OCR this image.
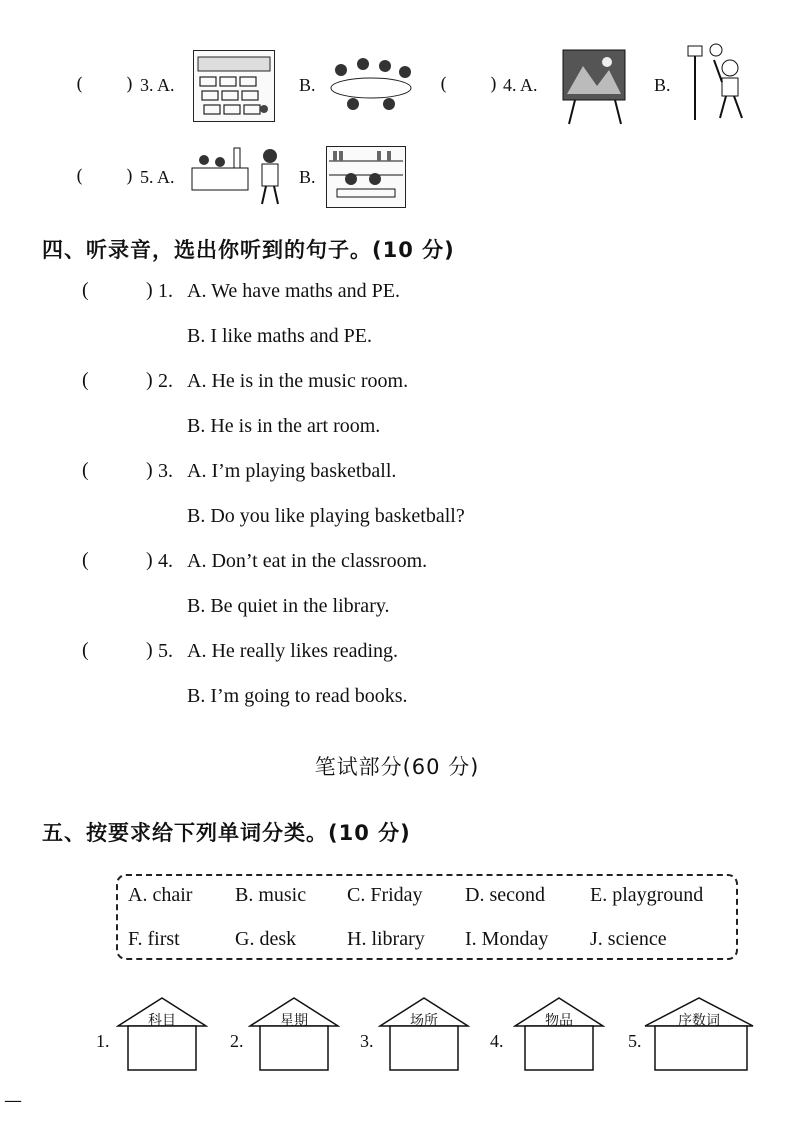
( ) 3. A.	B.	( ) 4. A.	B.
( ) 5. A.	B.
四、听录音，选出你听到的句子。(10 分)
(	) 1. A. We have maths and PE.
B. I like maths and PE.
(	) 2. A. He is in the music room.
B. He is in the art room.
(	) 3. A. I’m playing basketball.
B. Do you like playing basketball?
(	) 4. A. Don’t eat in the classroom.
B. Be quiet in the library.
(	) 5. A. He really likes reading.
B. I’m going to read books.
笔试部分(60 分)
五、按要求给下列单词分类。(10 分)
A. chair B. music C. Friday D. second E. playground
F. first	G. desk	H. library I. Monday J. science
1.
科目
2.
星期
3.
场所
4.
物品
5.
序数词
—
